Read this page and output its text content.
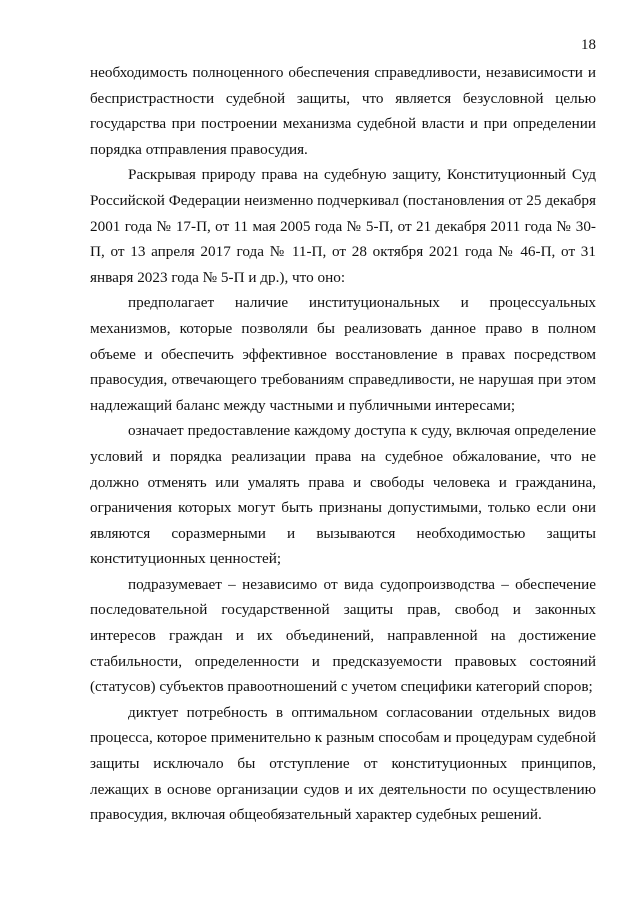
18

необходимость полноценного обеспечения справедливости, независимости и беспристрастности судебной защиты, что является безусловной целью государства при построении механизма судебной власти и при определении порядка отправления правосудия.

Раскрывая природу права на судебную защиту, Конституционный Суд Российской Федерации неизменно подчеркивал (постановления от 25 декабря 2001 года № 17-П, от 11 мая 2005 года № 5-П, от 21 декабря 2011 года № 30-П, от 13 апреля 2017 года № 11-П, от 28 октября 2021 года № 46-П, от 31 января 2023 года № 5-П и др.), что оно:

предполагает наличие институциональных и процессуальных механизмов, которые позволяли бы реализовать данное право в полном объеме и обеспечить эффективное восстановление в правах посредством правосудия, отвечающего требованиям справедливости, не нарушая при этом надлежащий баланс между частными и публичными интересами;

означает предоставление каждому доступа к суду, включая определение условий и порядка реализации права на судебное обжалование, что не должно отменять или умалять права и свободы человека и гражданина, ограничения которых могут быть признаны допустимыми, только если они являются соразмерными и вызываются необходимостью защиты конституционных ценностей;

подразумевает – независимо от вида судопроизводства – обеспечение последовательной государственной защиты прав, свобод и законных интересов граждан и их объединений, направленной на достижение стабильности, определенности и предсказуемости правовых состояний (статусов) субъектов правоотношений с учетом специфики категорий споров;

диктует потребность в оптимальном согласовании отдельных видов процесса, которое применительно к разным способам и процедурам судебной защиты исключало бы отступление от конституционных принципов, лежащих в основе организации судов и их деятельности по осуществлению правосудия, включая общеобязательный характер судебных решений.
